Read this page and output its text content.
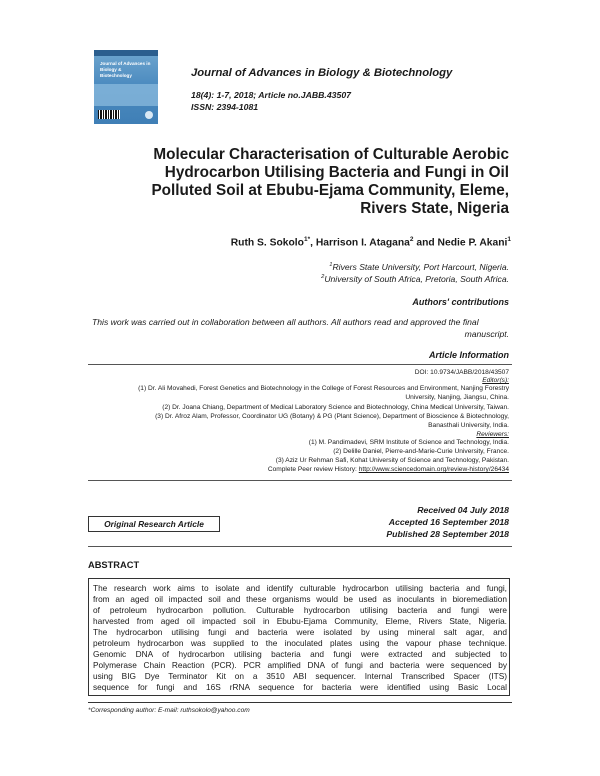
Journal of Advances in
Biology &
Biotechnology	Journal of Advances in Biology & Biotechnology
18(4): 1-7, 2018; Article no.JABB.43507
ISSN: 2394-1081
Molecular Characterisation of Culturable Aerobic
Hydrocarbon Utilising Bacteria and Fungi in Oil
Polluted Soil at Ebubu-Ejama Community, Eleme,
Rivers State, Nigeria
Ruth S. Sokolo$^{1*}$, Harrison I. Atagana$^2$ and Nedie P. Akani$^1$
$^1$Rivers State University, Port Harcourt, Nigeria.
$^2$University of South Africa, Pretoria, South Africa.
Authors' contributions
This work was carried out in collaboration between all authors. All authors read and approved the final
manuscript.
Article Information
DOI: 10.9734/JABB/2018/43507
Editor(s):
(1) Dr. Ali Movahedi, Forest Genetics and Biotechnology in the College of Forest Resources and Environment, Nanjing Forestry
University, Nanjing, Jiangsu, China.
(2) Dr. Joana Chiang, Department of Medical Laboratory Science and Biotechnology, China Medical University, Taiwan.
(3) Dr. Afroz Alam, Professor, Coordinator UG (Botany) & PG (Plant Science), Department of Bioscience & Biotechnology,
Banasthali University, India.
Reviewers:
(1) M. Pandimadevi, SRM Institute of Science and Technology, India.
(2) Delille Daniel, Pierre-and-Marie-Curie University, France.
(3) Aziz Ur Rehman Safi, Kohat University of Science and Technology, Pakistan.
Complete Peer review History: http://www.sciencedomain.org/review-history/26434
Received 04 July 2018
Original Research Article	Accepted 16 September 2018
Published 28 September 2018
ABSTRACT
The research work aims to isolate and identify culturable hydrocarbon utilising bacteria and fungi,
from an aged oil impacted soil and these organisms would be used as inoculants in bioremediation
of petroleum hydrocarbon pollution. Culturable hydrocarbon utilising bacteria and fungi were
harvested from aged oil impacted soil in Ebubu-Ejama Community, Eleme, Rivers State, Nigeria.
The hydrocarbon utilising fungi and bacteria were isolated by using mineral salt agar, and
petroleum hydrocarbon was supplied to the inoculated plates using the vapour phase technique.
Genomic DNA of hydrocarbon utilising bacteria and fungi were extracted and subjected to
Polymerase Chain Reaction (PCR). PCR amplified DNA of fungi and bacteria were sequenced by
using BIG Dye Terminator Kit on a 3510 ABI sequencer. Internal Transcribed Spacer (ITS)
sequence for fungi and 16S rRNA sequence for bacteria were identified using Basic Local
*Corresponding author: E-mail: ruthsokolo@yahoo.com
